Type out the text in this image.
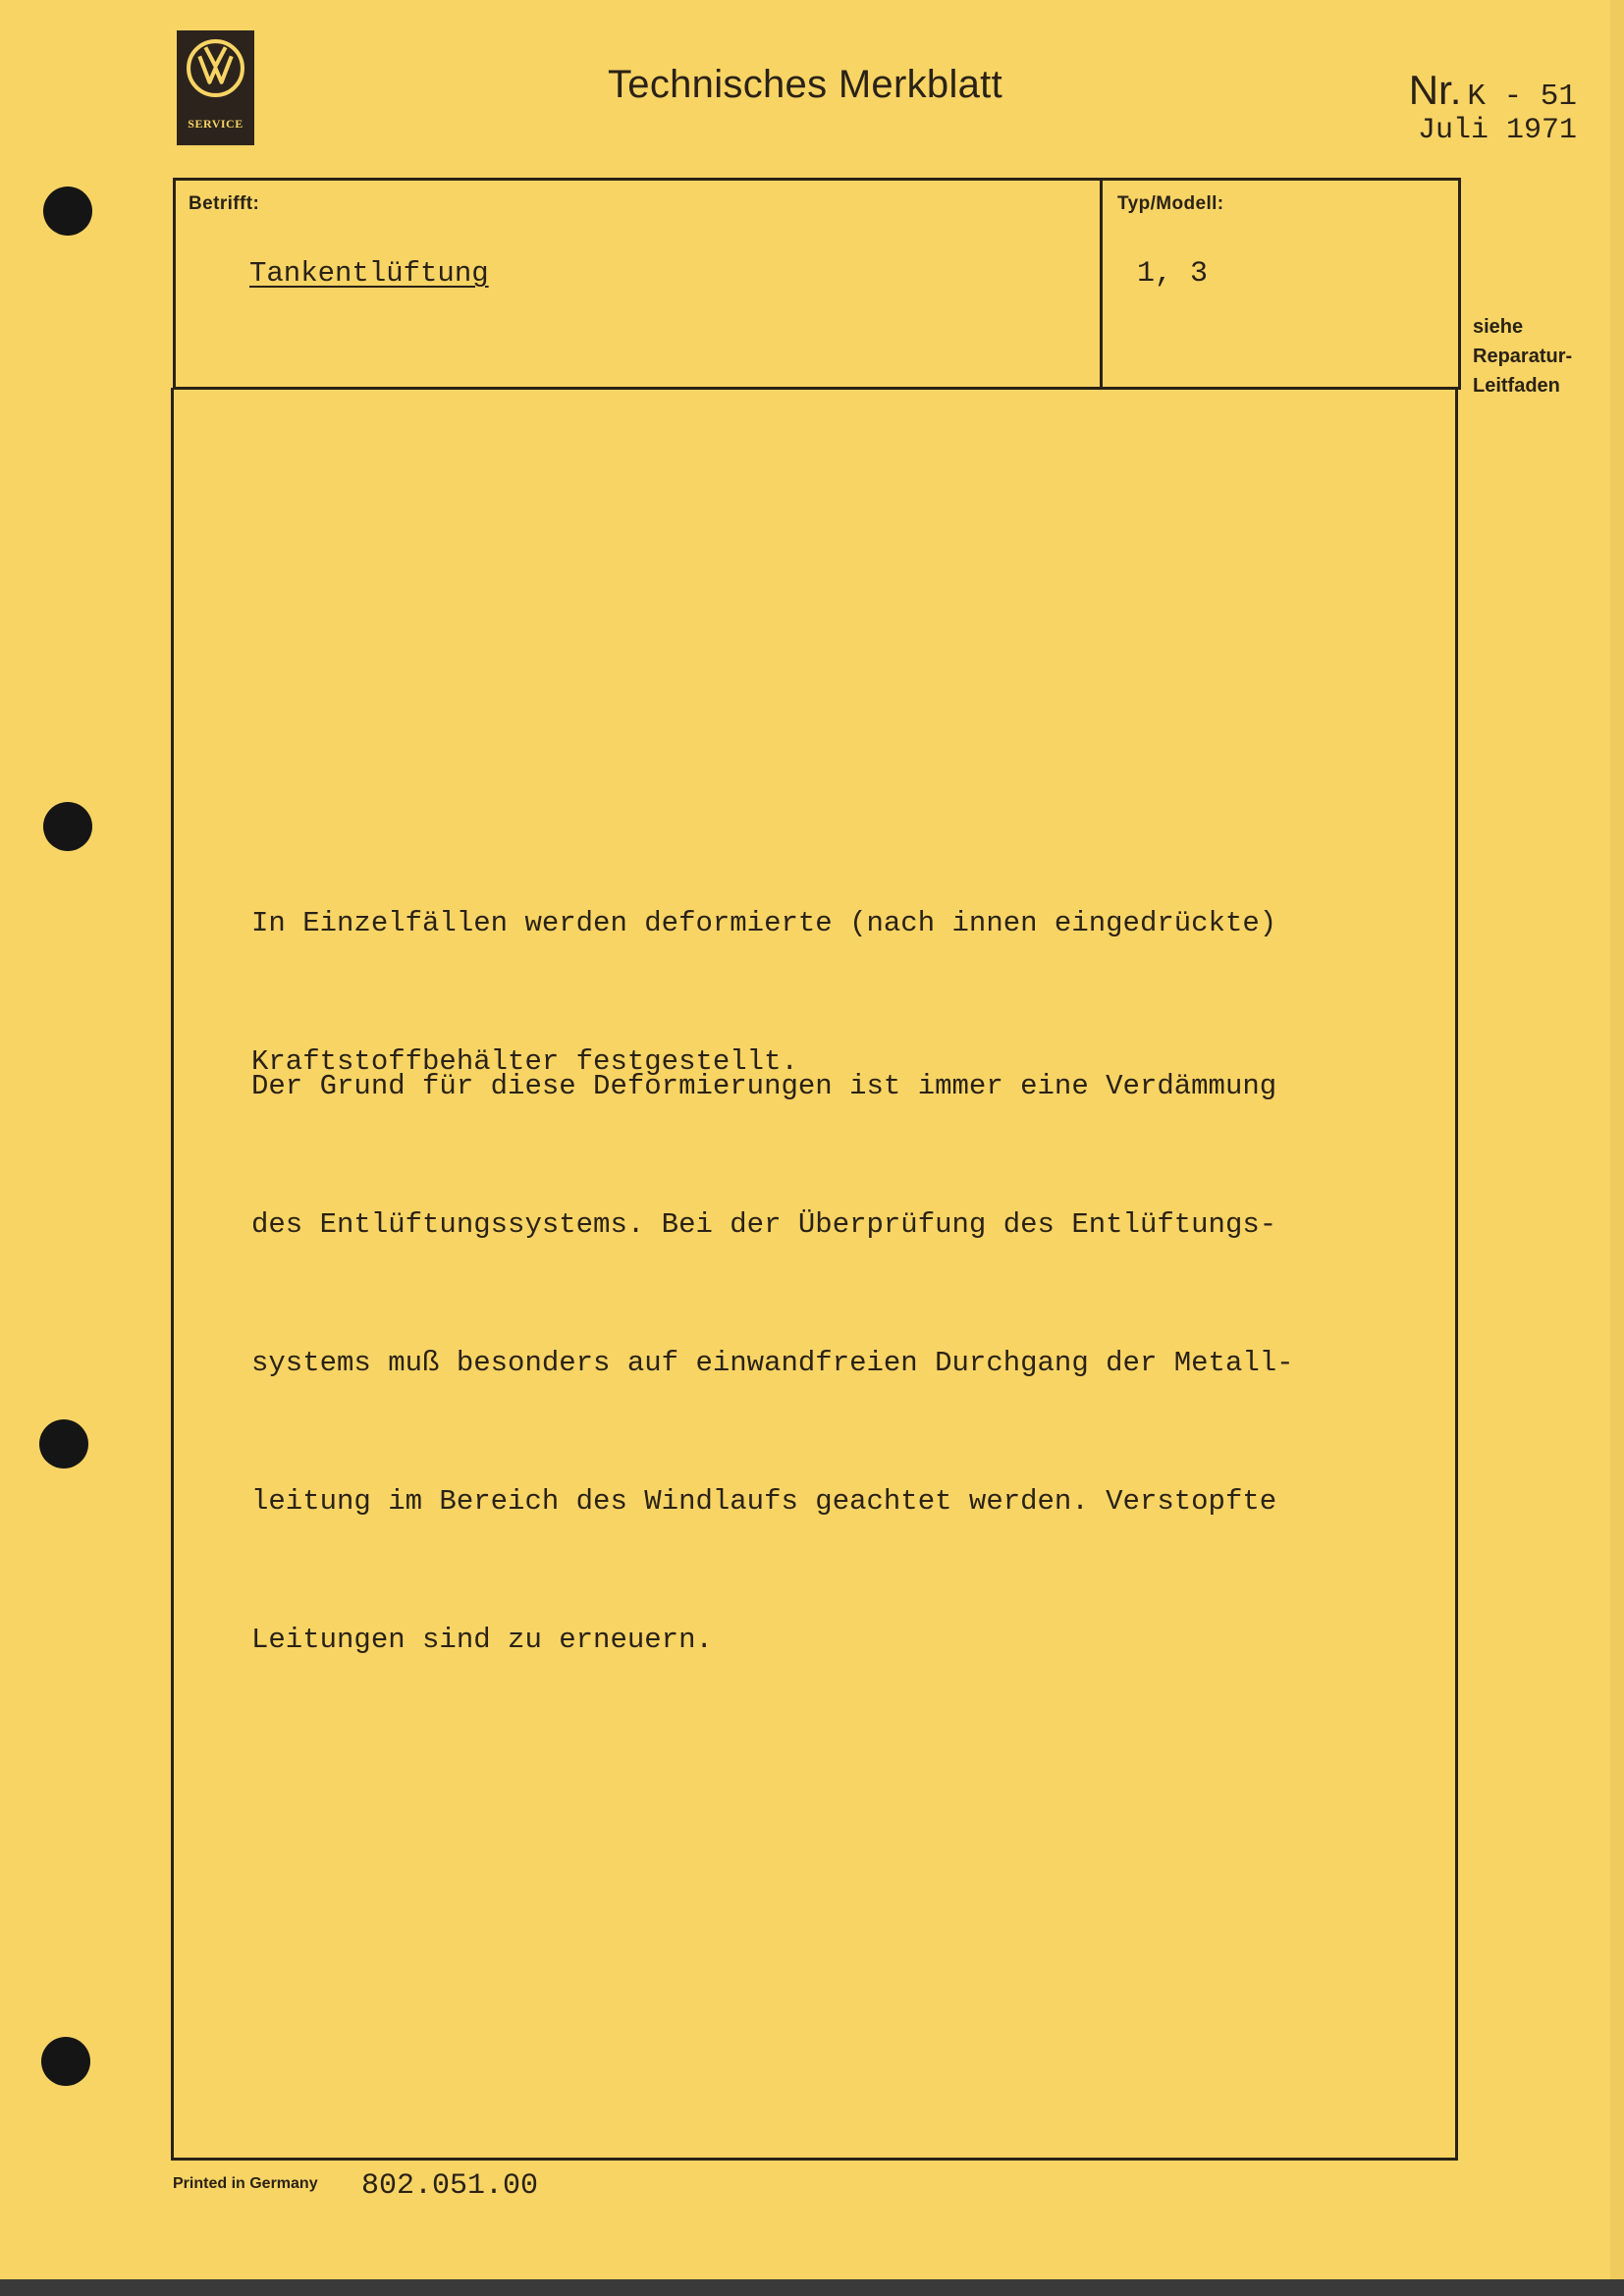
SERVICE
Technisches Merkblatt	Nr. K - 51
Juli 1971
Betrifft:	Typ/Modell:
Tankentlüftung	1, 3
siehe
Reparatur-
Leitfaden

In Einzelfällen werden deformierte (nach innen eingedrückte)

Kraftstoffbehälter festgestellt.

Der Grund für diese Deformierungen ist immer eine Verdämmung

des Entlüftungssystems. Bei der Überprüfung des Entlüftungs-

systems muß besonders auf einwandfreien Durchgang der Metall-

leitung im Bereich des Windlaufs geachtet werden. Verstopfte

Leitungen sind zu erneuern.

Printed in Germany 802.051.00
